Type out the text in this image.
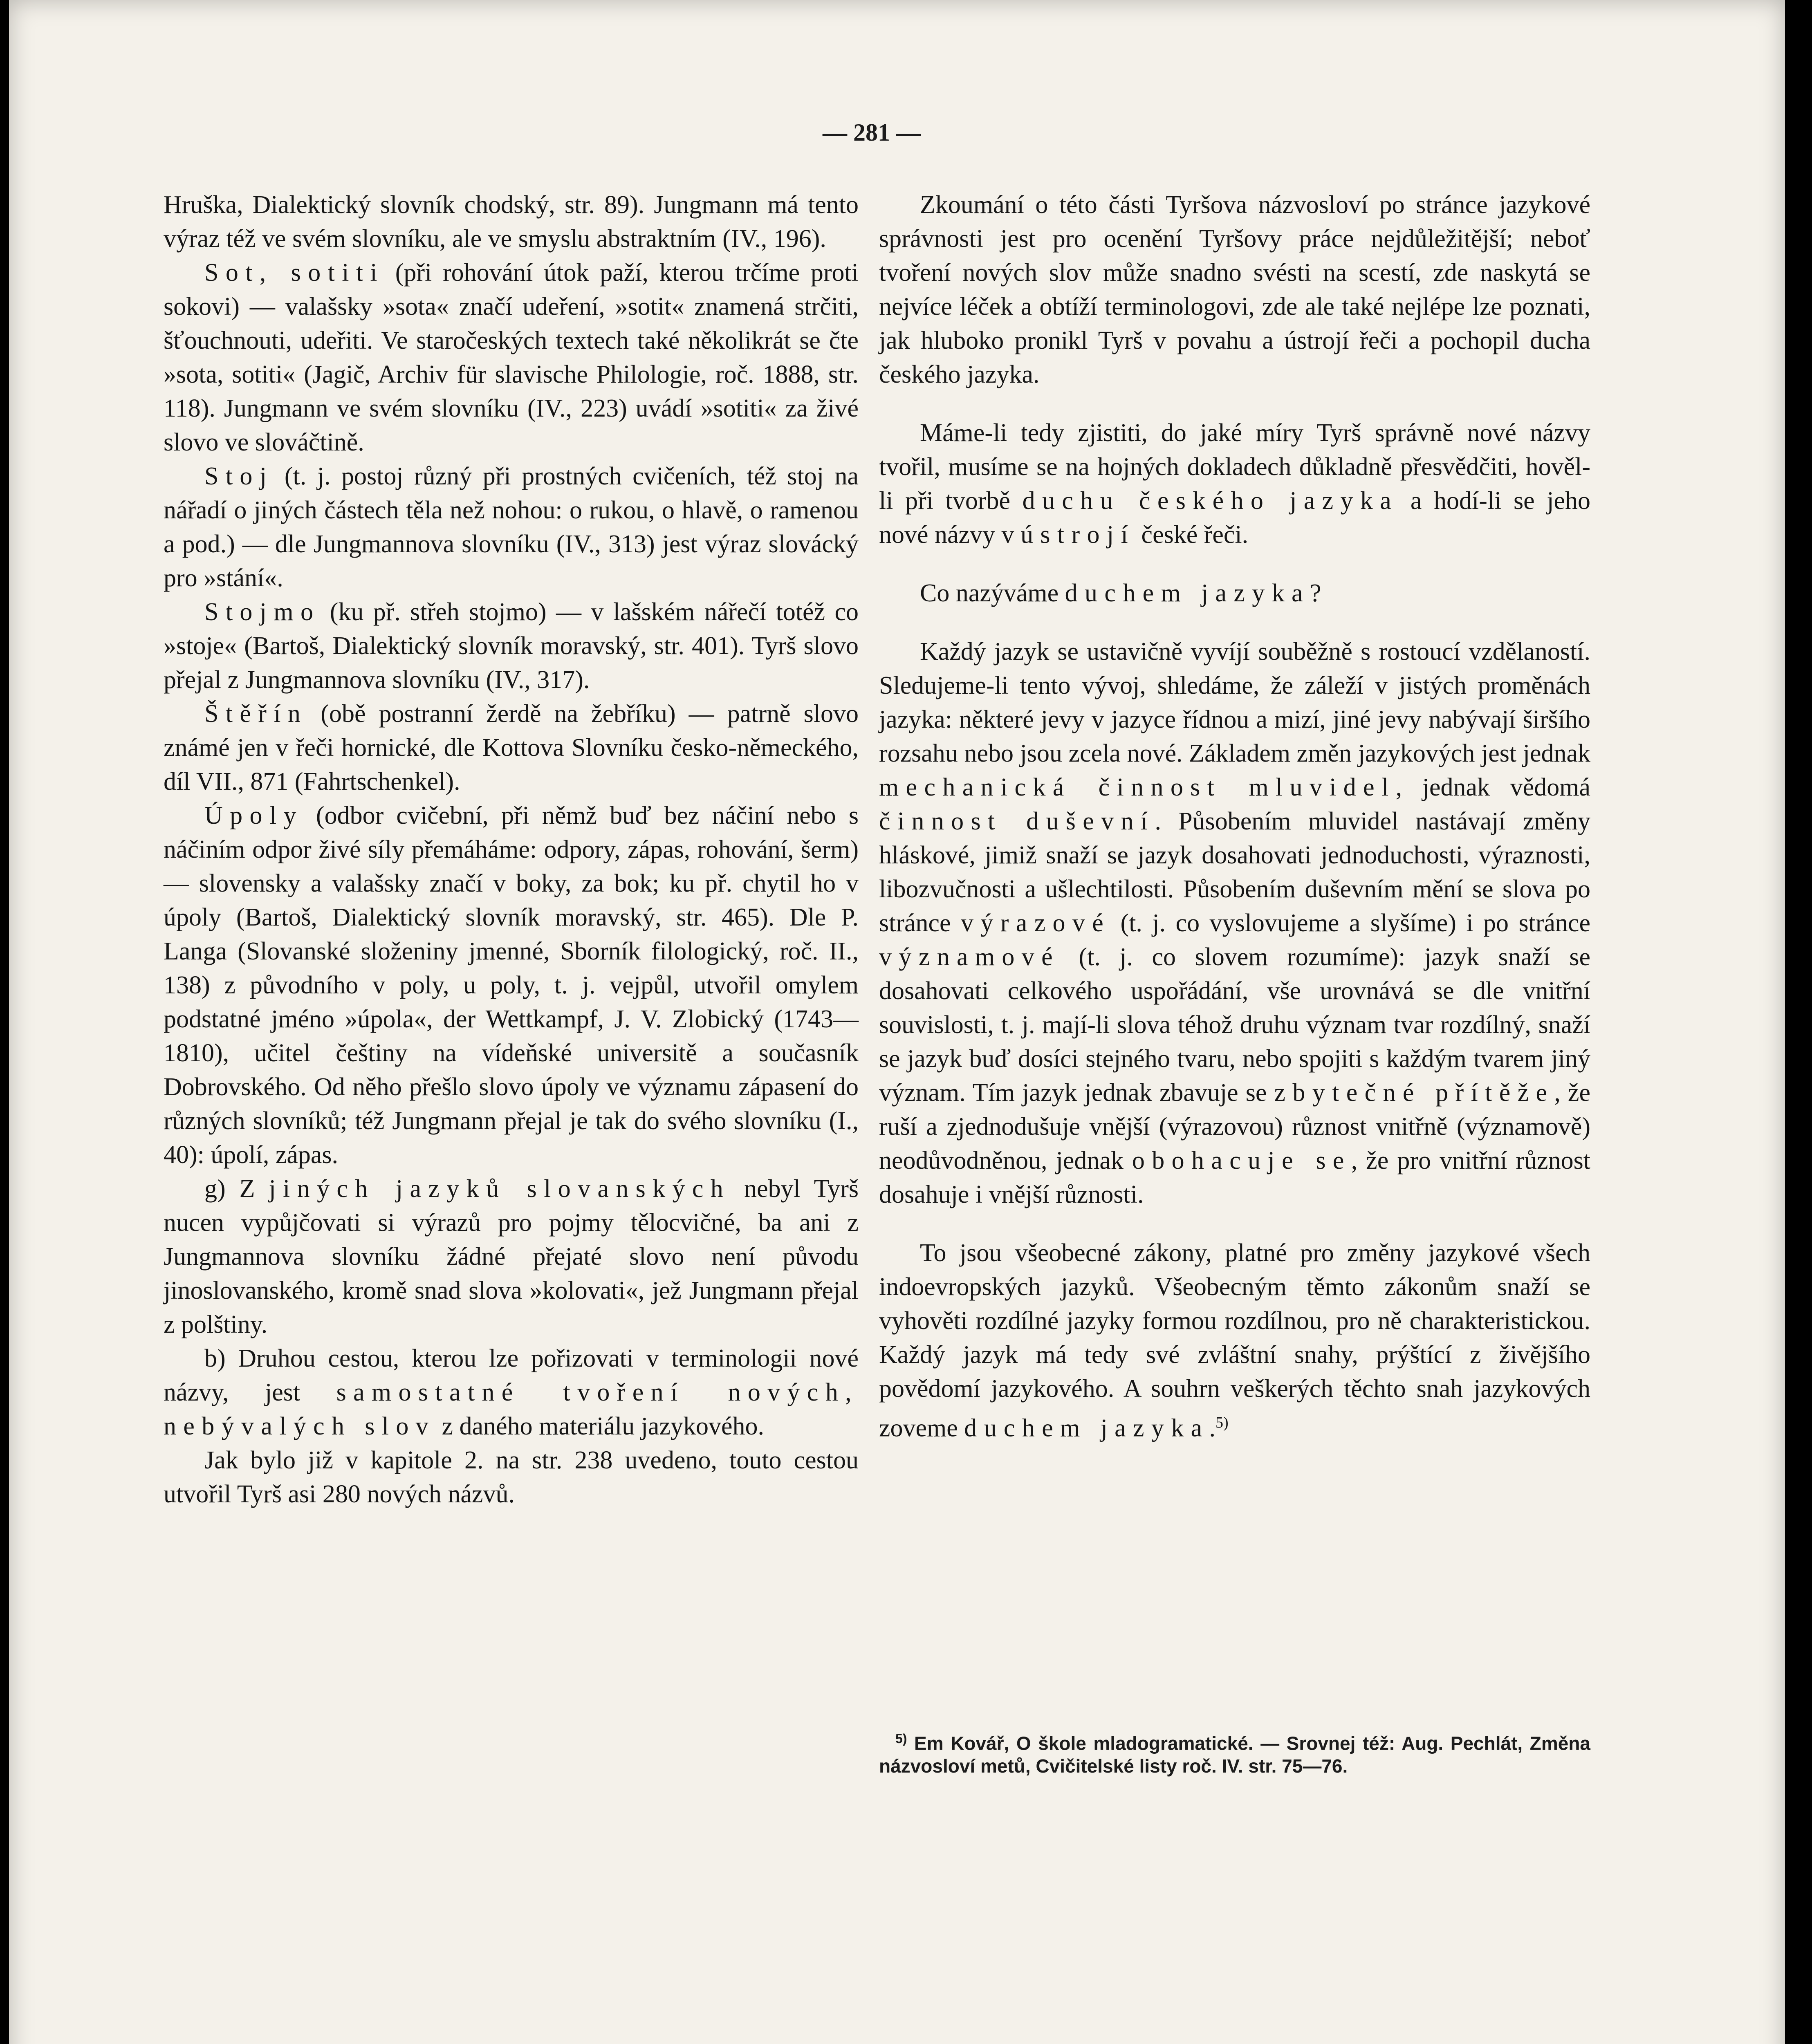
— 281 —

Hruška, Dialektický slovník chodský, str. 89). Jungmann má tento výraz též ve svém slovníku, ale ve smyslu abstraktním (IV., 196).

Sot, sotiti (při rohování útok paží, kterou trčíme proti sokovi) — valašsky »sota« značí udeření, »sotit« znamená strčiti, šťouchnouti, udeřiti. Ve staročeských textech také několikrát se čte »sota, sotiti« (Jagič, Archiv für slavische Philologie, roč. 1888, str. 118). Jungmann ve svém slovníku (IV., 223) uvádí »sotiti« za živé slovo ve slováčtině.

Stoj (t. j. postoj různý při prostných cvičeních, též stoj na nářadí o jiných částech těla než nohou: o rukou, o hlavě, o ramenou a pod.) — dle Jungmannova slovníku (IV., 313) jest výraz slovácký pro »stání«.

Stojmo (ku př. střeh stojmo) — v lašském nářečí totéž co »stoje« (Bartoš, Dialektický slovník moravský, str. 401). Tyrš slovo přejal z Jungmannova slovníku (IV., 317).

Štěřín (obě postranní žerdě na žebříku) — patrně slovo známé jen v řeči hornické, dle Kottova Slovníku česko-německého, díl VII., 871 (Fahrtschenkel).

Úpoly (odbor cvičební, při němž buď bez náčiní nebo s náčiním odpor živé síly přemáháme: odpory, zápas, rohování, šerm) — slovensky a valašsky značí v boky, za bok; ku př. chytil ho v úpoly (Bartoš, Dialektický slovník moravský, str. 465). Dle P. Langa (Slovanské složeniny jmenné, Sborník filologický, roč. II., 138) z původního v poly, u poly, t. j. vejpůl, utvořil omylem podstatné jméno »úpola«, der Wettkampf, J. V. Zlobický (1743—1810), učitel češtiny na vídeňské universitě a současník Dobrovského. Od něho přešlo slovo úpoly ve významu zápasení do různých slovníků; též Jungmann přejal je tak do svého slovníku (I., 40): úpolí, zápas.

g) Z jiných jazyků slovanských nebyl Tyrš nucen vypůjčovati si výrazů pro pojmy tělocvičné, ba ani z Jungmannova slovníku žádné přejaté slovo není původu jinoslovanského, kromě snad slova »kolovati«, jež Jungmann přejal z polštiny.

b) Druhou cestou, kterou lze pořizovati v terminologii nové názvy, jest samostatné tvoření nových, nebývalých slov z daného materiálu jazykového.

Jak bylo již v kapitole 2. na str. 238 uvedeno, touto cestou utvořil Tyrš asi 280 nových názvů.

Zkoumání o této části Tyršova názvosloví po stránce jazykové správnosti jest pro ocenění Tyršovy práce nejdůležitější; neboť tvoření nových slov může snadno svésti na scestí, zde naskytá se nejvíce léček a obtíží terminologovi, zde ale také nejlépe lze poznati, jak hluboko pronikl Tyrš v povahu a ústrojí řeči a pochopil ducha českého jazyka.

Máme-li tedy zjistiti, do jaké míry Tyrš správně nové názvy tvořil, musíme se na hojných dokladech důkladně přesvědčiti, hověl-li při tvorbě duchu českého jazyka a hodí-li se jeho nové názvy v ústrojí české řeči.

Co nazýváme duchem jazyka?

Každý jazyk se ustavičně vyvíjí souběžně s rostoucí vzdělaností. Sledujeme-li tento vývoj, shledáme, že záleží v jistých proměnách jazyka: některé jevy v jazyce řídnou a mizí, jiné jevy nabývají širšího rozsahu nebo jsou zcela nové. Základem změn jazykových jest jednak mechanická činnost mluvidel, jednak vědomá činnost duševní. Působením mluvidel nastávají změny hláskové, jimiž snaží se jazyk dosahovati jednoduchosti, výraznosti, libozvučnosti a ušlechtilosti. Působením duševním mění se slova po stránce výrazové (t. j. co vyslovujeme a slyšíme) i po stránce významové (t. j. co slovem rozumíme): jazyk snaží se dosahovati celkového uspořádání, vše urovnává se dle vnitřní souvislosti, t. j. mají-li slova téhož druhu význam tvar rozdílný, snaží se jazyk buď dosíci stejného tvaru, nebo spojiti s každým tvarem jiný význam. Tím jazyk jednak zbavuje se zbytečné přítěže, že ruší a zjednodušuje vnější (výrazovou) různost vnitřně (významově) neodůvodněnou, jednak obohacuje se, že pro vnitřní různost dosahuje i vnější různosti.

To jsou všeobecné zákony, platné pro změny jazykové všech indoevropských jazyků. Všeobecným těmto zákonům snaží se vyhověti rozdílné jazyky formou rozdílnou, pro ně charakteristickou. Každý jazyk má tedy své zvláštní snahy, prýštící z živějšího povědomí jazykového. A souhrn veškerých těchto snah jazykových zoveme duchem jazyka.$^{5)}$

$^{5)}$ Em Kovář, O škole mladogramatické. — Srovnej též: Aug. Pechlát, Změna názvosloví metů, Cvičitelské listy roč. IV. str. 75—76.
